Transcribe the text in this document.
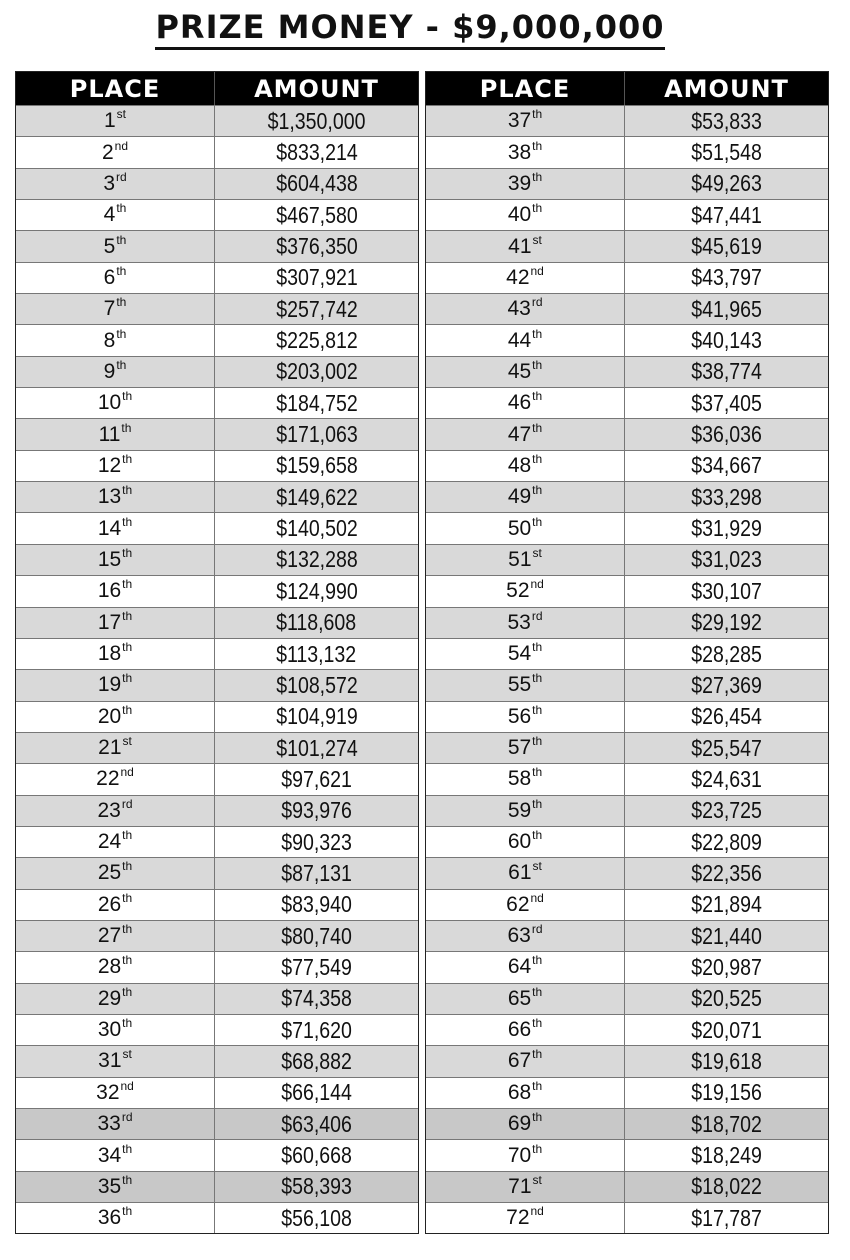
PRIZE MONEY - $9,000,000
PLACE	AMOUNT
1 st	$1,350,000
2 nd	$833,214
3 rd	$604,438
4 th	$467,580
5 th	$376,350
6 th	$307,921
7 th	$257,742
8 th	$225,812
9 th	$203,002
10 th	$184,752
11 th	$171,063
12 th	$159,658
13 th	$149,622
14 th	$140,502
15 th	$132,288
16 th	$124,990
17 th	$118,608
18 th	$113,132
19 th	$108,572
20 th	$104,919
21 st	$101,274
22 nd	$97,621
23 rd	$93,976
24 th	$90,323
25 th	$87,131
26 th	$83,940
27 th	$80,740
28 th	$77,549
29 th	$74,358
30 th	$71,620
31 st	$68,882
32 nd	$66,144
33 rd	$63,406
34 th	$60,668
35 th	$58,393
36 th	$56,108
PLACE	AMOUNT
37 th	$53,833
38 th	$51,548
39 th	$49,263
40 th	$47,441
41 st	$45,619
42 nd	$43,797
43 rd	$41,965
44 th	$40,143
45 th	$38,774
46 th	$37,405
47 th	$36,036
48 th	$34,667
49 th	$33,298
50 th	$31,929
51 st	$31,023
52 nd	$30,107
53 rd	$29,192
54 th	$28,285
55 th	$27,369
56 th	$26,454
57 th	$25,547
58 th	$24,631
59 th	$23,725
60 th	$22,809
61 st	$22,356
62 nd	$21,894
63 rd	$21,440
64 th	$20,987
65 th	$20,525
66 th	$20,071
67 th	$19,618
68 th	$19,156
69 th	$18,702
70 th	$18,249
71 st	$18,022
72 nd	$17,787
